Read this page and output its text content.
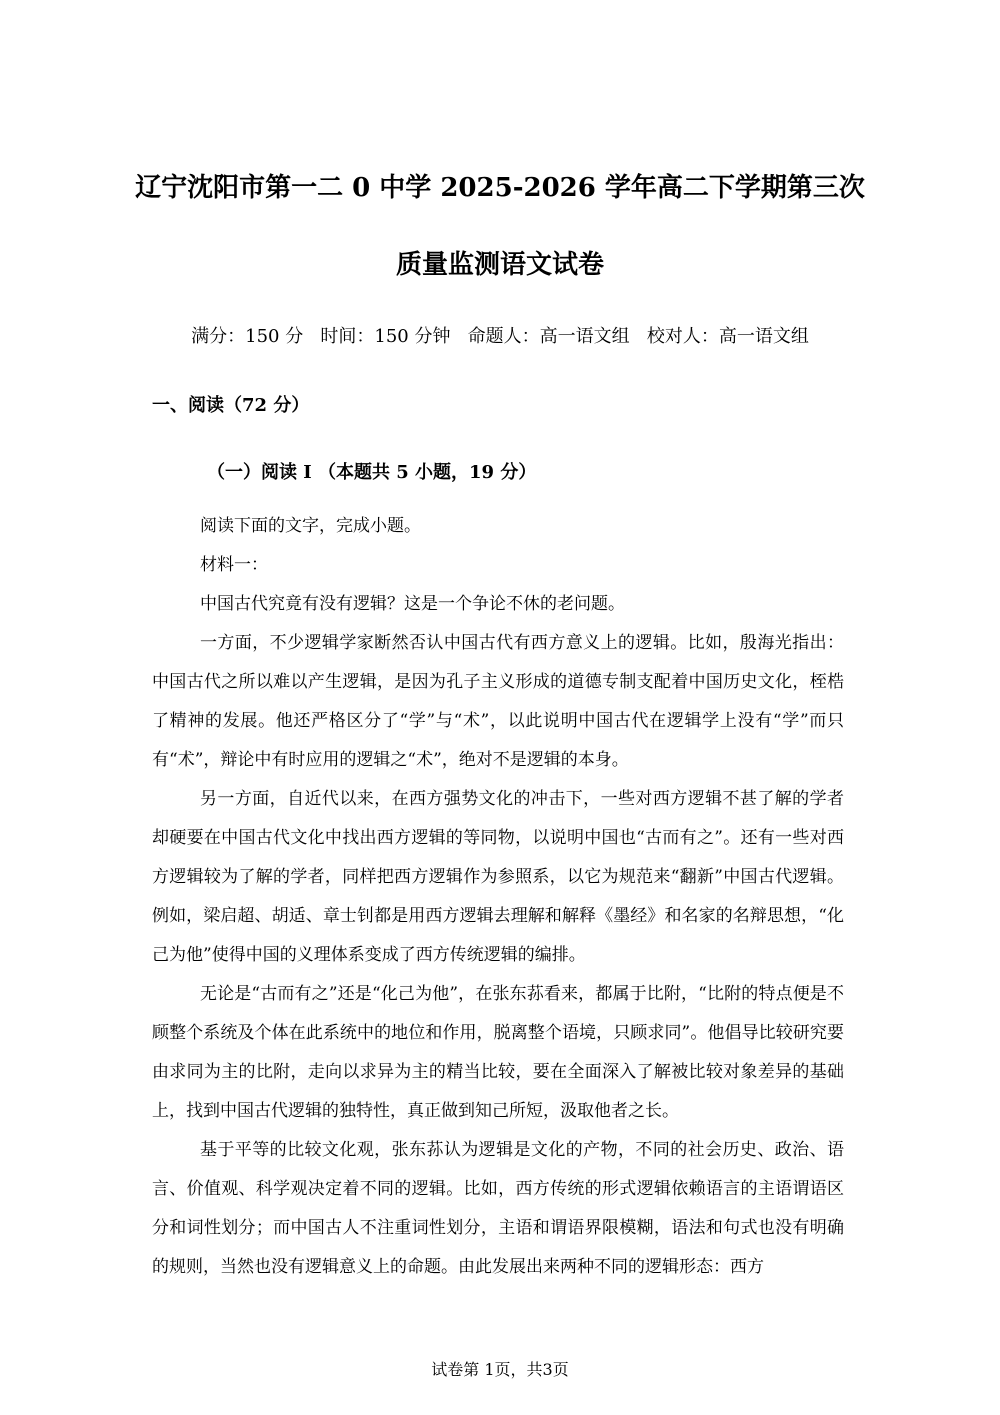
辽宁沈阳市第一二 0 中学 2025-2026 学年高二下学期第三次
质量监测语文试卷
满分：150 分 时间：150 分钟 命题人：高一语文组 校对人：高一语文组
一、阅读（72 分）
（一）阅读 I （本题共 5 小题，19 分）

阅读下面的文字，完成小题。

材料一：

中国古代究竟有没有逻辑？这是一个争论不休的老问题。

一方面，不少逻辑学家断然否认中国古代有西方意义上的逻辑。比如，殷海光指出：中国古代之所以难以产生逻辑，是因为孔子主义形成的道德专制支配着中国历史文化，桎梏了精神的发展。他还严格区分了“学”与“术”，以此说明中国古代在逻辑学上没有“学”而只有“术”，辩论中有时应用的逻辑之“术”，绝对不是逻辑的本身。

另一方面，自近代以来，在西方强势文化的冲击下，一些对西方逻辑不甚了解的学者却硬要在中国古代文化中找出西方逻辑的等同物，以说明中国也“古而有之”。还有一些对西方逻辑较为了解的学者，同样把西方逻辑作为参照系，以它为规范来“翻新”中国古代逻辑。例如，梁启超、胡适、章士钊都是用西方逻辑去理解和解释《墨经》和名家的名辩思想，“化己为他”使得中国的义理体系变成了西方传统逻辑的编排。

无论是“古而有之”还是“化己为他”，在张东荪看来，都属于比附，“比附的特点便是不顾整个系统及个体在此系统中的地位和作用，脱离整个语境，只顾求同”。他倡导比较研究要由求同为主的比附，走向以求异为主的精当比较，要在全面深入了解被比较对象差异的基础上，找到中国古代逻辑的独特性，真正做到知己所短，汲取他者之长。

基于平等的比较文化观，张东荪认为逻辑是文化的产物，不同的社会历史、政治、语言、价值观、科学观决定着不同的逻辑。比如，西方传统的形式逻辑依赖语言的主语谓语区分和词性划分；而中国古人不注重词性划分，主语和谓语界限模糊，语法和句式也没有明确的规则，当然也没有逻辑意义上的命题。由此发展出来两种不同的逻辑形态：西方

试卷第 1页，共3页
